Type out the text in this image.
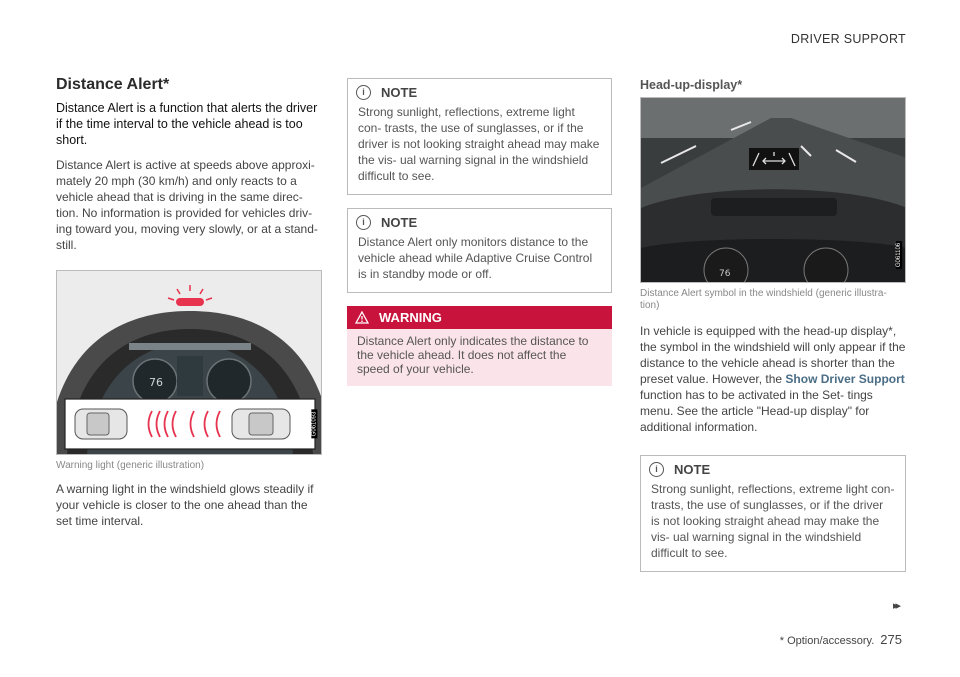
DRIVER SUPPORT
Distance Alert*

Distance Alert is a function that alerts the driver if the time interval to the vehicle ahead is too short.

Distance Alert is active at speeds above approxi- mately 20 mph (30 km/h) and only reacts to a vehicle ahead that is driving in the same direc- tion. No information is provided for vehicles driv- ing toward you, moving very slowly, or at a stand- still.

76
G061093

Warning light (generic illustration)

A warning light in the windshield glows steadily if your vehicle is closer to the one ahead than the set time interval.

i	NOTE
Strong sunlight, reflections, extreme light con- trasts, the use of sunglasses, or if the driver is not looking straight ahead may make the vis- ual warning signal in the windshield difficult to see.
i	NOTE
Distance Alert only monitors distance to the vehicle ahead while Adaptive Cruise Control is in standby mode or off.
WARNING
Distance Alert only indicates the distance to the vehicle ahead. It does not affect the speed of your vehicle.
Head-up-display*
76
G061106

Distance Alert symbol in the windshield (generic illustra- tion)

In vehicle is equipped with the head-up display*, the symbol in the windshield will only appear if the distance to the vehicle ahead is shorter than the preset value. However, the Show Driver Support function has to be activated in the Set- tings menu. See the article "Head-up display" for additional information.

i	NOTE
Strong sunlight, reflections, extreme light con- trasts, the use of sunglasses, or if the driver is not looking straight ahead may make the vis- ual warning signal in the windshield difficult to see.
▸▸
* Option/accessory. 275
